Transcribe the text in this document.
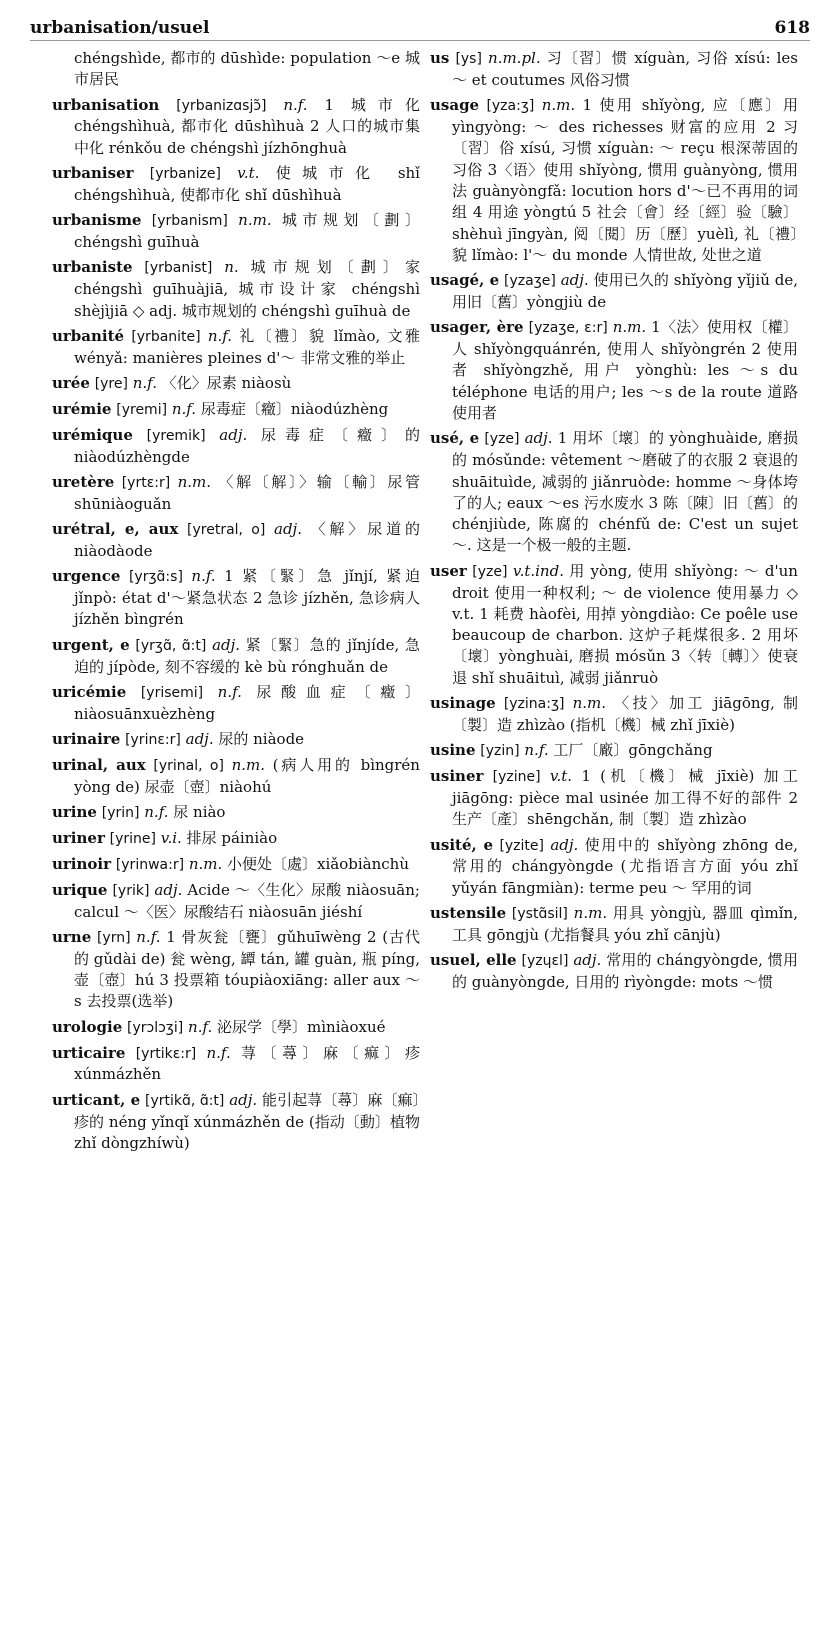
urbanisation/usuel	618

chéngshìde, 都市的 dūshìde: population ～e 城市居民

urbanisation [yrbanizɑsjɔ̃] n.f. 1 城市化 chéngshìhuà, 都市化 dūshìhuà 2 人口的城市集中化 rénkǒu de chéngshì jízhōnghuà

urbaniser [yrbanize] v.t. 使城市化 shǐ chéngshìhuà, 使都市化 shǐ dūshìhuà

urbanisme [yrbanism] n.m. 城市规划〔劃〕chéngshì guīhuà

urbaniste [yrbanist] n. 城市规划〔劃〕家 chéngshì guīhuàjiā, 城市设计家 chéngshì shèjìjiā ◇ adj. 城市规划的 chéngshì guīhuà de

urbanité [yrbanite] n.f. 礼〔禮〕貌 lǐmào, 文雅 wényǎ: manières pleines d'～ 非常文雅的举止

urée [yre] n.f. 〈化〉尿素 niàosù

urémie [yremi] n.f. 尿毒症〔癥〕niàodúzhèng

urémique [yremik] adj. 尿毒症〔癥〕的 niàodúzhèngde

uretère [yrtɛ:r] n.m. 〈解〔解〕〉输〔輸〕尿管 shūniàoguǎn

urétral, e, aux [yretral, o] adj. 〈解〉尿道的 niàodàode

urgence [yrʒɑ̃:s] n.f. 1 紧〔緊〕急 jǐnjí, 紧迫 jǐnpò: état d'～紧急状态 2 急诊 jízhěn, 急诊病人 jízhěn bìngrén

urgent, e [yrʒɑ̃, ɑ̃:t] adj. 紧〔緊〕急的 jǐnjíde, 急迫的 jípòde, 刻不容缓的 kè bù rónghuǎn de

uricémie [yrisemi] n.f. 尿酸血症〔癥〕niàosuānxuèzhèng

urinaire [yrinɛ:r] adj. 尿的 niàode

urinal, aux [yrinal, o] n.m. (病人用的 bìngrén yòng de) 尿壶〔壺〕niàohú

urine [yrin] n.f. 尿 niào

uriner [yrine] v.i. 排尿 páiniào

urinoir [yrinwa:r] n.m. 小便处〔處〕xiǎobiànchù

urique [yrik] adj. Acide ～〈生化〉尿酸 niàosuān; calcul ～〈医〉尿酸结石 niàosuān jiéshí

urne [yrn] n.f. 1 骨灰瓮〔甕〕gǔhuīwèng 2 (古代的 gǔdài de) 瓮 wèng, 罈 tán, 罐 guàn, 瓶 píng, 壶〔壺〕hú 3 投票箱 tóupiàoxiāng: aller aux ～s 去投票(选举)

urologie [yrɔlɔʒi] n.f. 泌尿学〔學〕mìniàoxué

urticaire [yrtikɛ:r] n.f. 荨〔蕁〕麻〔痲〕疹 xúnmázhěn

urticant, e [yrtikɑ̃, ɑ̃:t] adj. 能引起荨〔蕁〕麻〔痲〕疹的 néng yǐnqǐ xúnmázhěn de (指动〔動〕植物 zhǐ dòngzhíwù)

us [ys] n.m.pl. 习〔習〕惯 xíguàn, 习俗 xísú: les ～ et coutumes 风俗习惯

usage [yza:ʒ] n.m. 1 使用 shǐyòng, 应〔應〕用 yìngyòng: ～ des richesses 财富的应用 2 习〔習〕俗 xísú, 习惯 xíguàn: ～ reçu 根深蒂固的习俗 3〈语〉使用 shǐyòng, 惯用 guànyòng, 惯用法 guànyòngfǎ: locution hors d'～已不再用的词组 4 用途 yòngtú 5 社会〔會〕经〔經〕验〔驗〕shèhuì jīngyàn, 阅〔閱〕历〔歷〕yuèlì, 礼〔禮〕貌 lǐmào: l'～ du monde 人情世故, 处世之道

usagé, e [yzaʒe] adj. 使用已久的 shǐyòng yǐjiǔ de, 用旧〔舊〕yòngjiù de

usager, ère [yzaʒe, ɛ:r] n.m. 1〈法〉使用权〔權〕人 shǐyòngquánrén, 使用人 shǐyòngrén 2 使用者 shǐyòngzhě, 用户 yònghù: les ～s du téléphone 电话的用户; les ～s de la route 道路使用者

usé, e [yze] adj. 1 用坏〔壞〕的 yònghuàide, 磨损的 mósǔnde: vêtement ～磨破了的衣服 2 衰退的 shuāituìde, 减弱的 jiǎnruòde: homme ～身体垮了的人; eaux ～es 污水废水 3 陈〔陳〕旧〔舊〕的 chénjiùde, 陈腐的 chénfǔ de: C'est un sujet ～. 这是一个极一般的主题.

user [yze] v.t.ind. 用 yòng, 使用 shǐyòng: ～ d'un droit 使用一种权利; ～ de violence 使用暴力 ◇ v.t. 1 耗费 hàofèi, 用掉 yòngdiào: Ce poêle use beaucoup de charbon. 这炉子耗煤很多. 2 用坏〔壞〕yònghuài, 磨损 mósǔn 3〈转〔轉〕〉使衰退 shǐ shuāituì, 减弱 jiǎnruò

usinage [yzina:ʒ] n.m. 〈技〉加工 jiāgōng, 制〔製〕造 zhìzào (指机〔機〕械 zhǐ jīxiè)

usine [yzin] n.f. 工厂〔廠〕gōngchǎng

usiner [yzine] v.t. 1 (机〔機〕械 jīxiè) 加工 jiāgōng: pièce mal usinée 加工得不好的部件 2 生产〔產〕shēngchǎn, 制〔製〕造 zhìzào

usité, e [yzite] adj. 使用中的 shǐyòng zhōng de, 常用的 chángyòngde (尤指语言方面 yóu zhǐ yǔyán fāngmiàn): terme peu ～ 罕用的词

ustensile [ystɑ̃sil] n.m. 用具 yòngjù, 器皿 qìmǐn, 工具 gōngjù (尤指餐具 yóu zhǐ cānjù)

usuel, elle [yzɥɛl] adj. 常用的 chángyòngde, 惯用的 guànyòngde, 日用的 rìyòngde: mots ～惯
